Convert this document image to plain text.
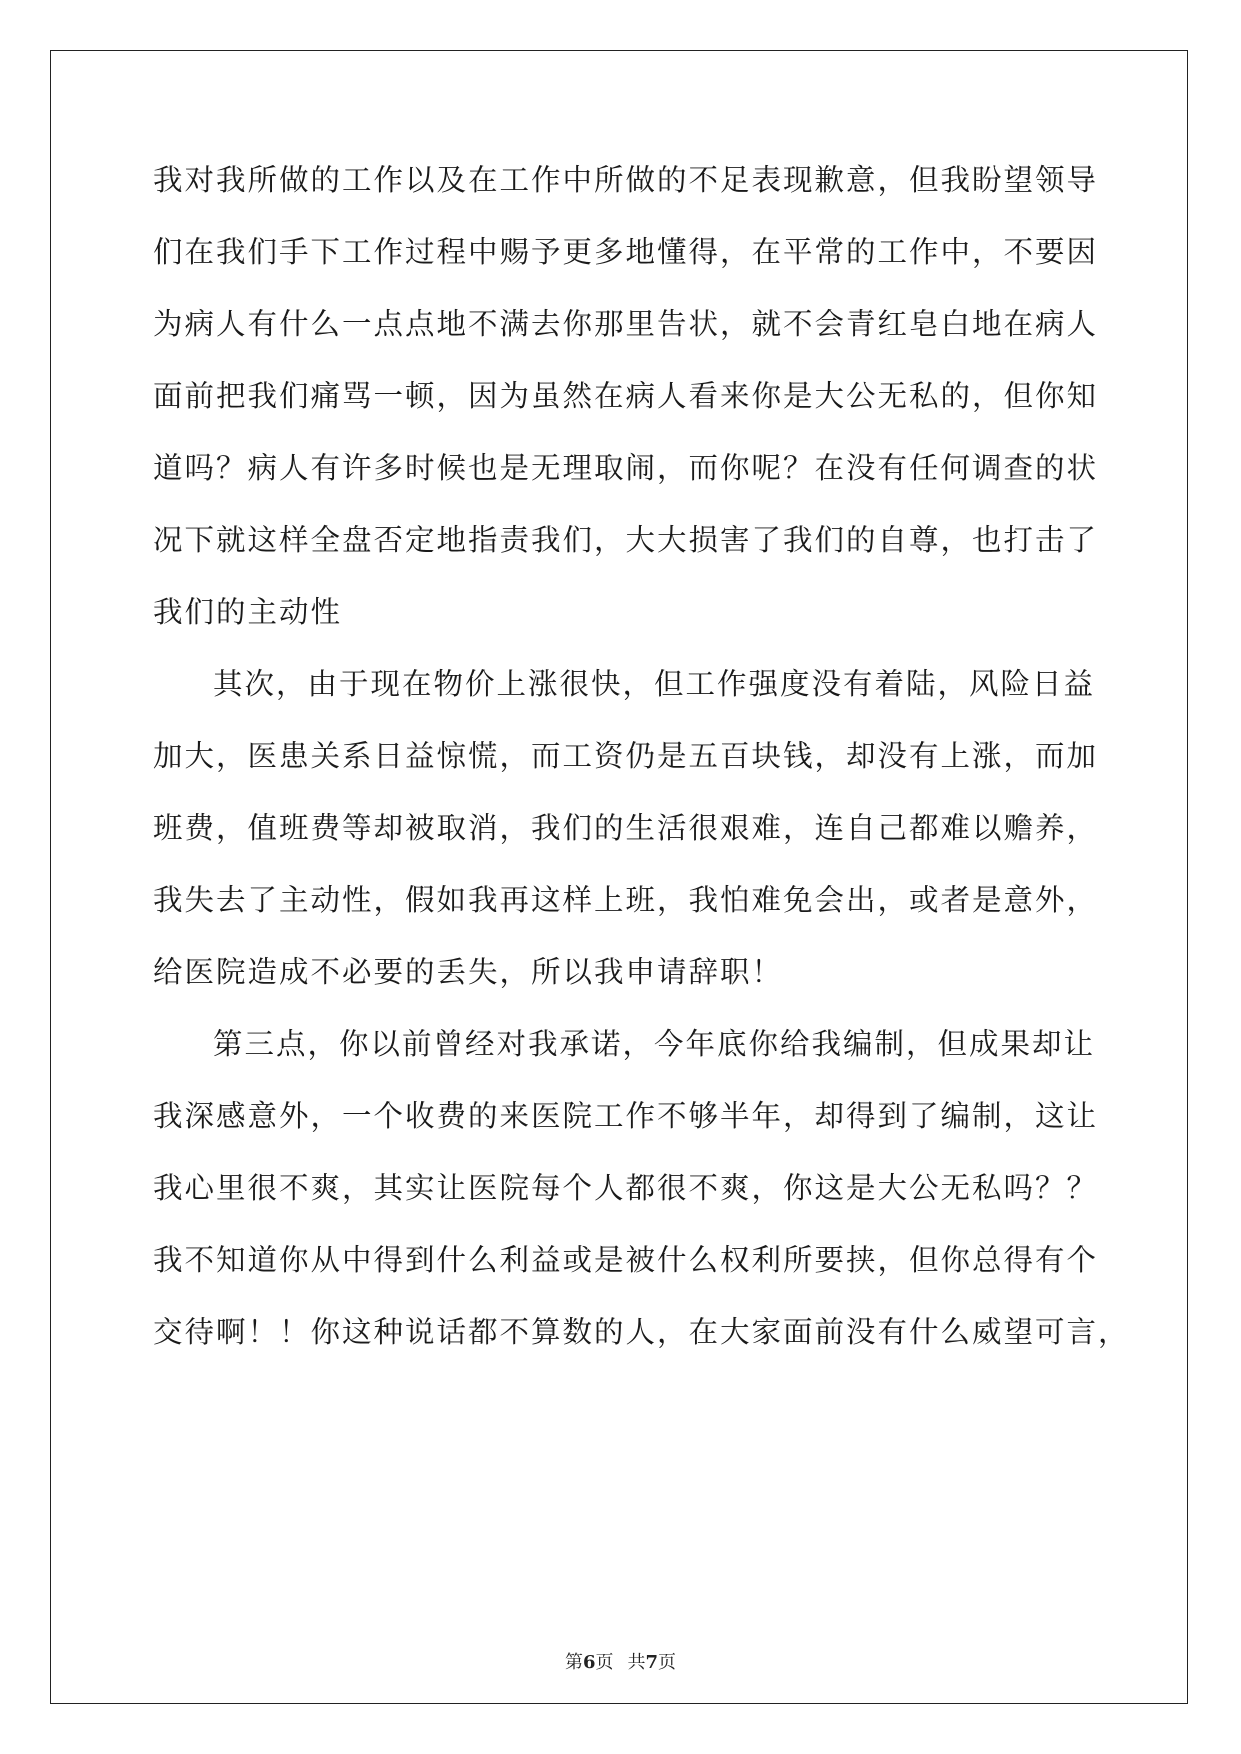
我对我所做的工作以及在工作中所做的不足表现歉意，但我盼望领导
们在我们手下工作过程中赐予更多地懂得，在平常的工作中，不要因
为病人有什么一点点地不满去你那里告状，就不会青红皂白地在病人
面前把我们痛骂一顿，因为虽然在病人看来你是大公无私的，但你知
道吗？病人有许多时候也是无理取闹，而你呢？在没有任何调查的状
况下就这样全盘否定地指责我们，大大损害了我们的自尊，也打击了
我们的主动性
其次，由于现在物价上涨很快，但工作强度没有着陆，风险日益
加大，医患关系日益惊慌，而工资仍是五百块钱，却没有上涨，而加
班费，值班费等却被取消，我们的生活很艰难，连自己都难以赡养，
我失去了主动性，假如我再这样上班，我怕难免会出，或者是意外，
给医院造成不必要的丢失，所以我申请辞职！
第三点，你以前曾经对我承诺，今年底你给我编制，但成果却让
我深感意外，一个收费的来医院工作不够半年，却得到了编制，这让
我心里很不爽，其实让医院每个人都很不爽，你这是大公无私吗？？
我不知道你从中得到什么利益或是被什么权利所要挟，但你总得有个
交待啊！！你这种说话都不算数的人，在大家面前没有什么威望可言，
第6页 共7页
